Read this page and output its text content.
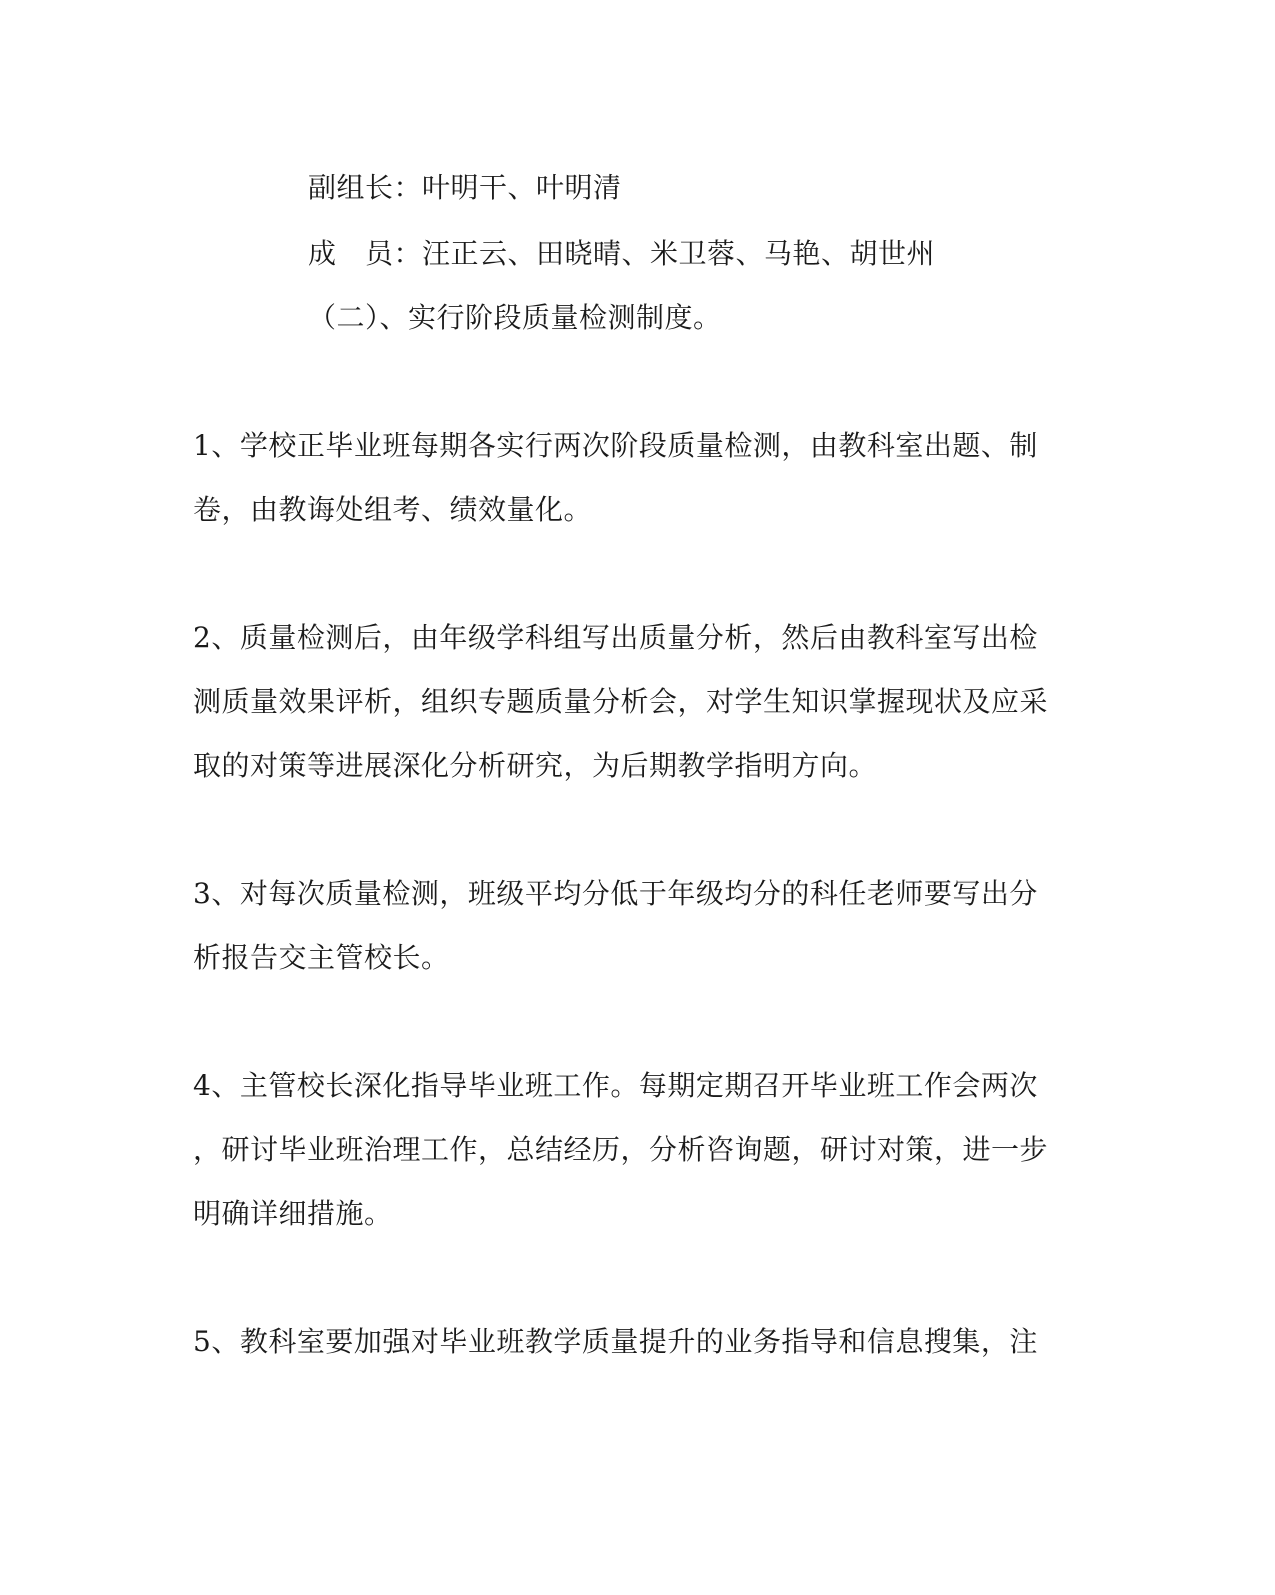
副组长：叶明干、叶明清
成　员：汪正云、田晓晴、米卫蓉、马艳、胡世州
（二）、实行阶段质量检测制度。
1、学校正毕业班每期各实行两次阶段质量检测，由教科室出题、制
卷，由教诲处组考、绩效量化。
2、质量检测后，由年级学科组写出质量分析，然后由教科室写出检
测质量效果评析，组织专题质量分析会，对学生知识掌握现状及应采
取的对策等进展深化分析研究，为后期教学指明方向。
3、对每次质量检测，班级平均分低于年级均分的科任老师要写出分
析报告交主管校长。
4、主管校长深化指导毕业班工作。每期定期召开毕业班工作会两次
，研讨毕业班治理工作，总结经历，分析咨询题，研讨对策，进一步
明确详细措施。
5、教科室要加强对毕业班教学质量提升的业务指导和信息搜集，注
